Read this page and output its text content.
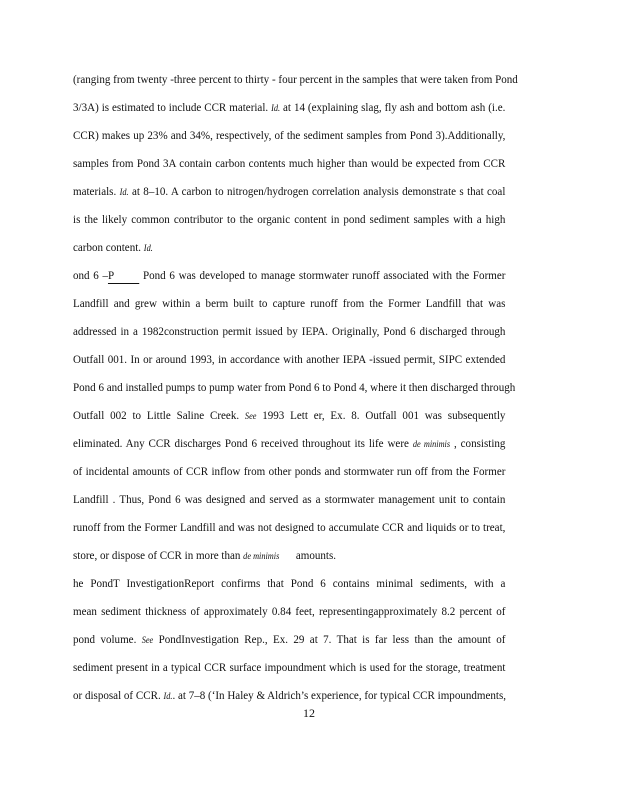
(ranging from twenty -three percent to thirty - four percent in the samples that were taken from Pond
3/3A) is estimated to include CCR material. Id. at 14 (explaining slag, fly ash and bottom ash (i.e.
CCR) makes up 23% and 34%, respectively, of the sediment samples from Pond 3).Additionally,
samples from Pond 3A contain carbon contents much higher than would be expected from CCR
materials. Id. at 8–10. A carbon to nitrogen/hydrogen correlation analysis demonstrate s that coal
is the likely common contributor to the organic content in pond sediment samples with a high
carbon content. Id.
ond 6 –P Pond 6 was developed to manage stormwater runoff associated with the Former
Landfill and grew within a berm built to capture runoff from the Former Landfill that was
addressed in a 1982construction permit issued by IEPA. Originally, Pond 6 discharged through
Outfall 001. In or around 1993, in accordance with another IEPA -issued permit, SIPC extended
Pond 6 and installed pumps to pump water from Pond 6 to Pond 4, where it then discharged through
Outfall 002 to Little Saline Creek. See 1993 Lett er, Ex. 8. Outfall 001 was subsequently
eliminated. Any CCR discharges Pond 6 received throughout its life were de minimis , consisting
of incidental amounts of CCR inflow from other ponds and stormwater run off from the Former
Landfill . Thus, Pond 6 was designed and served as a stormwater management unit to contain
runoff from the Former Landfill and was not designed to accumulate CCR and liquids or to treat,
store, or dispose of CCR in more than de minimis amounts.
he PondT InvestigationReport confirms that Pond 6 contains minimal sediments, with a
mean sediment thickness of approximately 0.84 feet, representingapproximately 8.2 percent of
pond volume. See PondInvestigation Rep., Ex. 29 at 7. That is far less than the amount of
sediment present in a typical CCR surface impoundment which is used for the storage, treatment
or disposal of CCR. Id.. at 7–8 (‘In Haley & Aldrich’s experience, for typical CCR impoundments,
12
